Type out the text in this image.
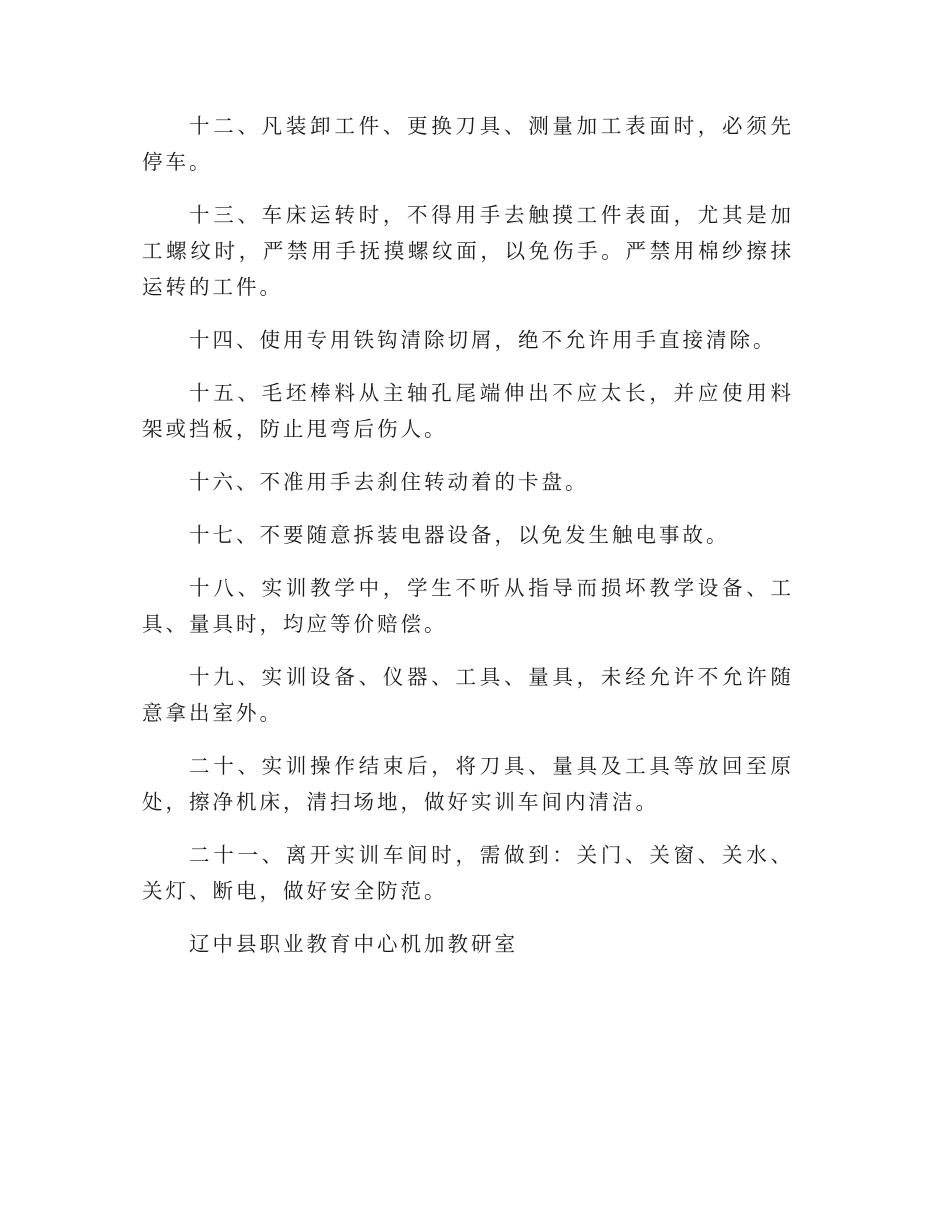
十二、凡装卸工件、更换刀具、测量加工表面时，必须先停车。

十三、车床运转时，不得用手去触摸工件表面，尤其是加工螺纹时，严禁用手抚摸螺纹面，以免伤手。严禁用棉纱擦抹运转的工件。

十四、使用专用铁钩清除切屑，绝不允许用手直接清除。

十五、毛坯棒料从主轴孔尾端伸出不应太长，并应使用料架或挡板，防止甩弯后伤人。

十六、不准用手去刹住转动着的卡盘。

十七、不要随意拆装电器设备，以免发生触电事故。

十八、实训教学中，学生不听从指导而损坏教学设备、工具、量具时，均应等价赔偿。

十九、实训设备、仪器、工具、量具，未经允许不允许随意拿出室外。

二十、实训操作结束后，将刀具、量具及工具等放回至原处，擦净机床，清扫场地，做好实训车间内清洁。

二十一、离开实训车间时，需做到：关门、关窗、关水、关灯、断电，做好安全防范。

辽中县职业教育中心机加教研室
